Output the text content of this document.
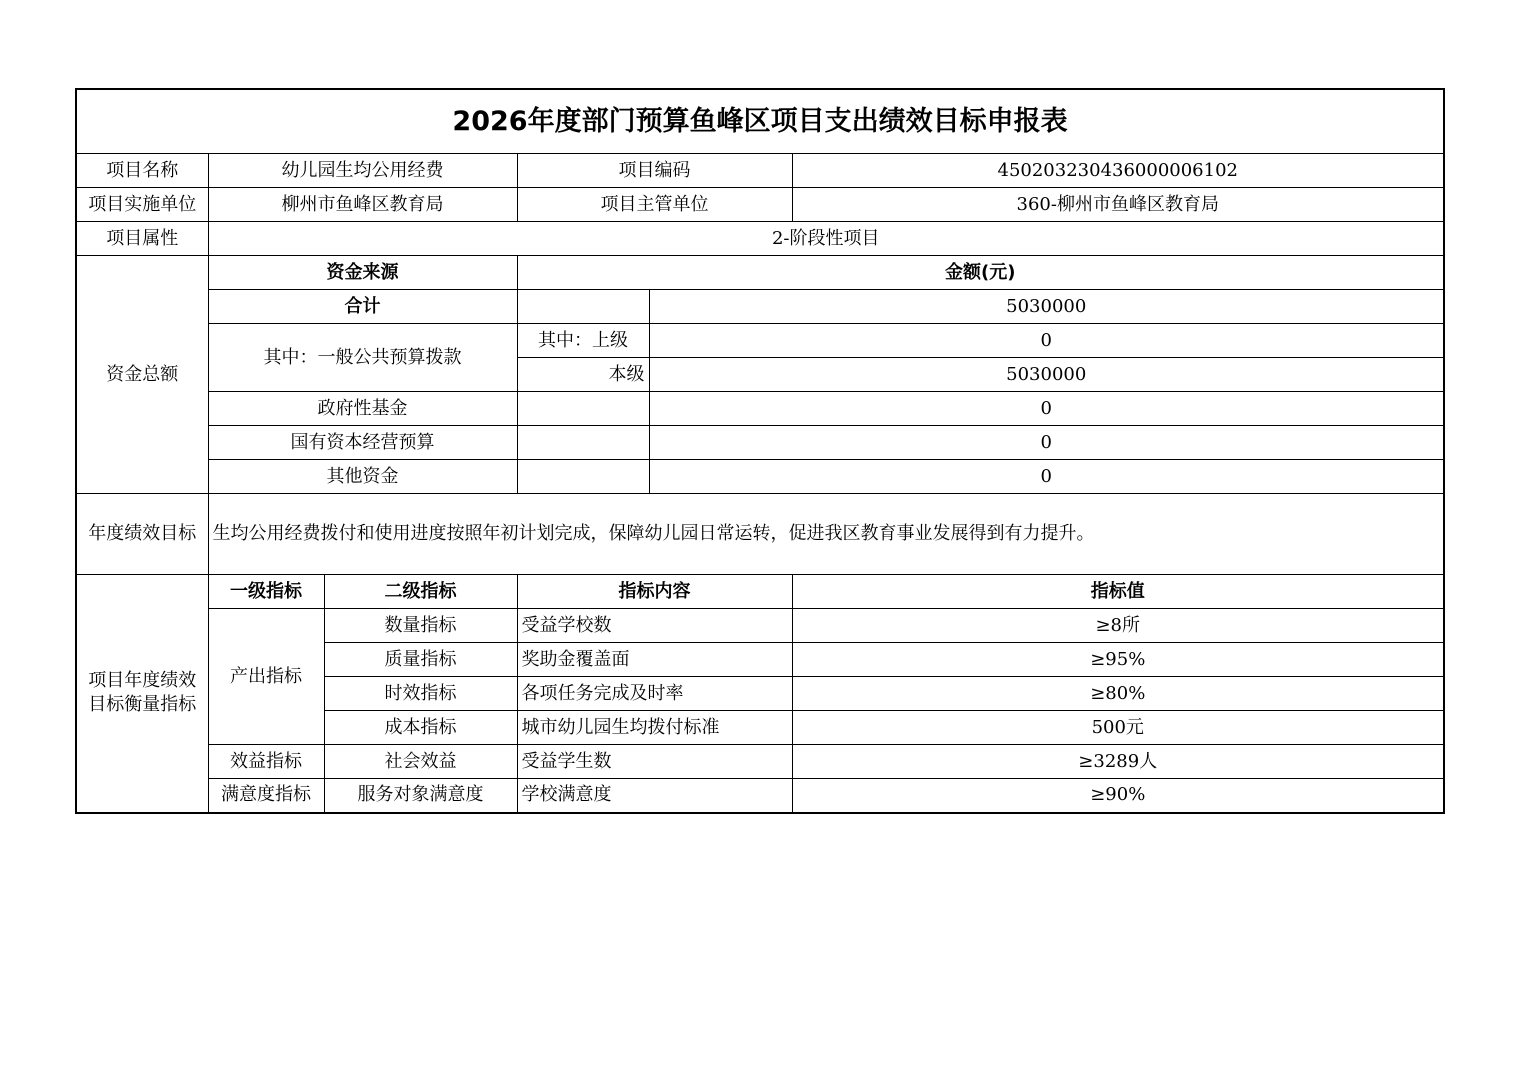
2026年度部门预算鱼峰区项目支出绩效目标申报表					
项目名称	幼儿园生均公用经费		项目编码		450203230436000006102
项目实施单位	柳州市鱼峰区教育局		项目主管单位		360-柳州市鱼峰区教育局
项目属性	2-阶段性项目				
资金总额	资金来源		金额(元)		
	合计			5030000	
	其中：一般公共预算拨款		其中：上级	0	
			本级	5030000	
	政府性基金			0	
	国有资本经营预算			0	
	其他资金			0	
年度绩效目标	生均公用经费拨付和使用进度按照年初计划完成，保障幼儿园日常运转，促进我区教育事业发展得到有力提升。				
项目年度绩效目标衡量指标	一级指标	二级指标	指标内容		指标值
	产出指标	数量指标	受益学校数		≥8所
		质量指标	奖助金覆盖面		≥95%
		时效指标	各项任务完成及时率		≥80%
		成本指标	城市幼儿园生均拨付标准		500元
	效益指标	社会效益	受益学生数		≥3289人
	满意度指标	服务对象满意度	学校满意度		≥90%
